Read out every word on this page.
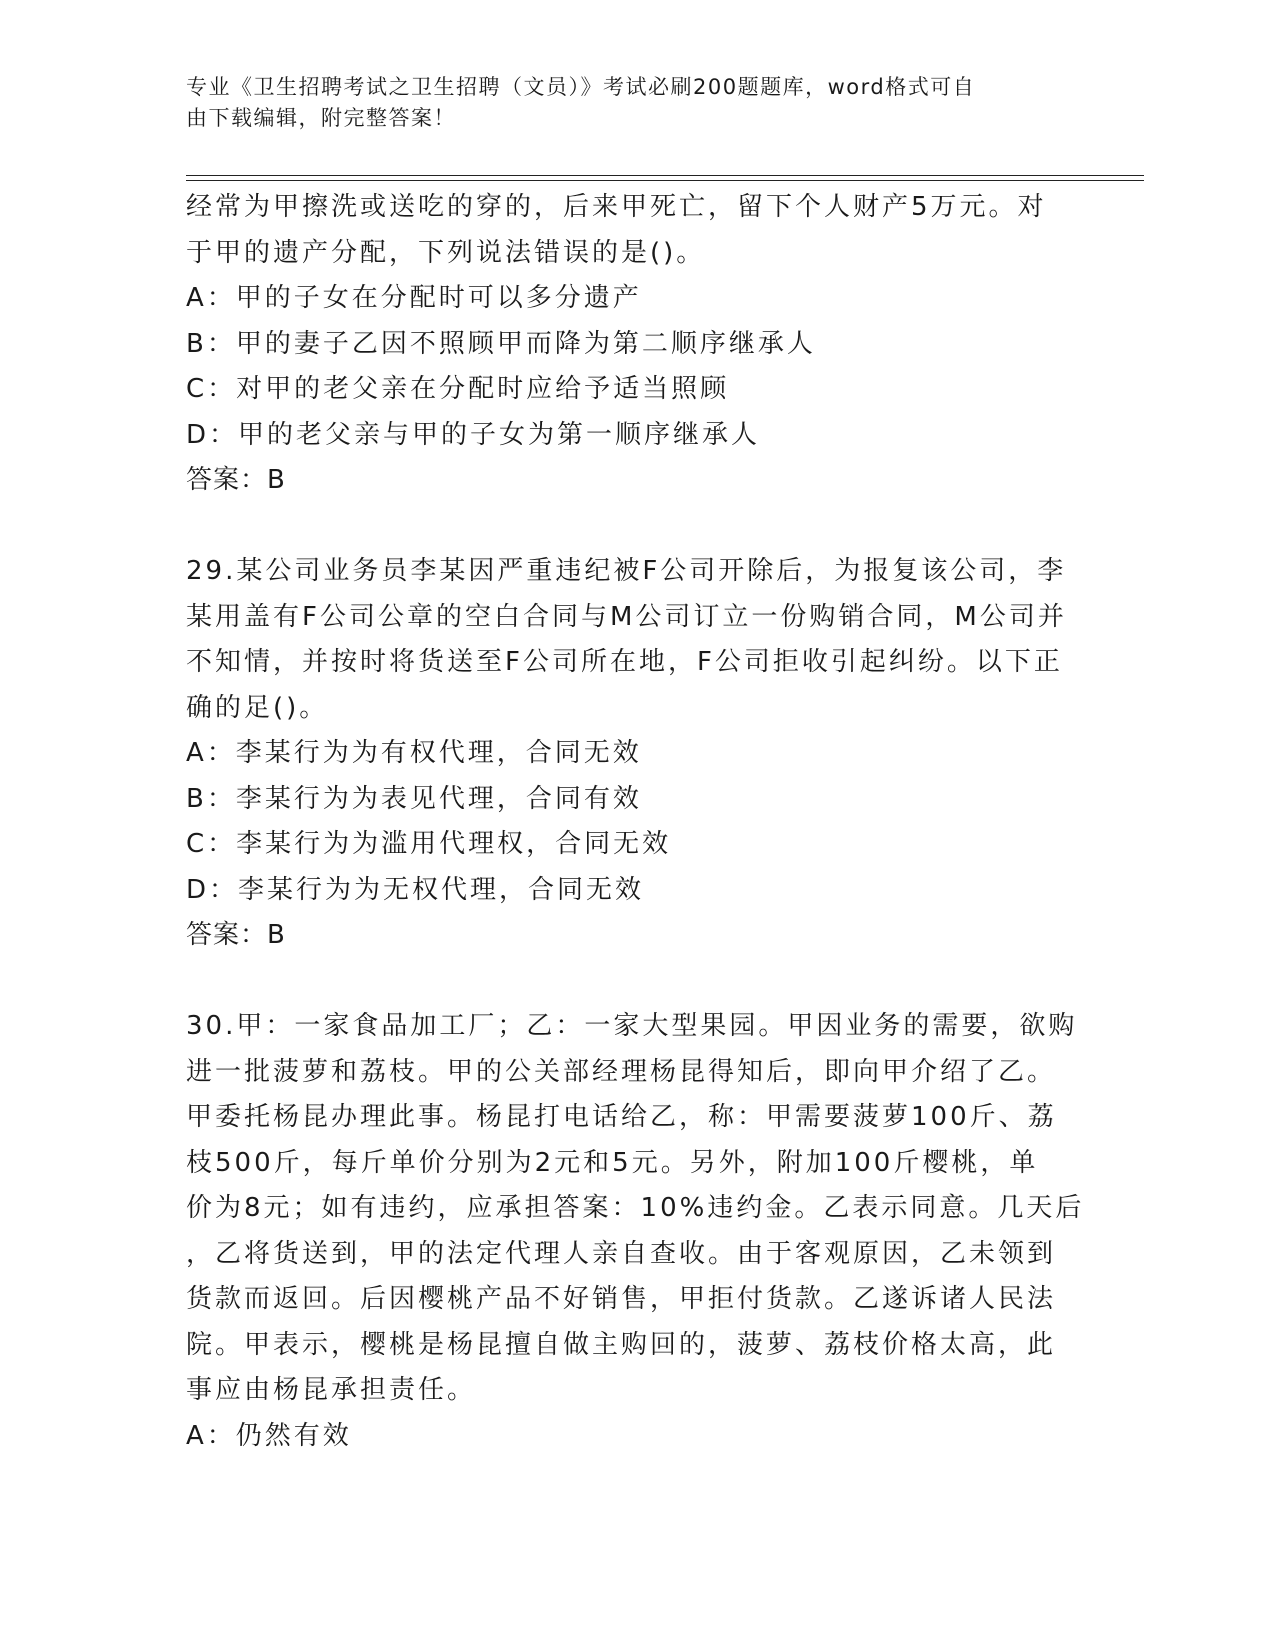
专业《卫生招聘考试之卫生招聘（文员）》考试必刷200题题库，word格式可自
由下载编辑，附完整答案！
经常为甲擦洗或送吃的穿的，后来甲死亡，留下个人财产5万元。对
于甲的遗产分配，下列说法错误的是()。
A：甲的子女在分配时可以多分遗产
B：甲的妻子乙因不照顾甲而降为第二顺序继承人
C：对甲的老父亲在分配时应给予适当照顾
D：甲的老父亲与甲的子女为第一顺序继承人
答案：B
29.某公司业务员李某因严重违纪被F公司开除后，为报复该公司，李
某用盖有F公司公章的空白合同与M公司订立一份购销合同，M公司并
不知情，并按时将货送至F公司所在地，F公司拒收引起纠纷。以下正
确的足()。
A：李某行为为有权代理，合同无效
B：李某行为为表见代理，合同有效
C：李某行为为滥用代理权，合同无效
D：李某行为为无权代理，合同无效
答案：B
30.甲：一家食品加工厂；乙：一家大型果园。甲因业务的需要，欲购
进一批菠萝和荔枝。甲的公关部经理杨昆得知后，即向甲介绍了乙。
甲委托杨昆办理此事。杨昆打电话给乙，称：甲需要菠萝100斤、荔
枝500斤，每斤单价分别为2元和5元。另外，附加100斤樱桃，单
价为8元；如有违约，应承担答案：10%违约金。乙表示同意。几天后
，乙将货送到，甲的法定代理人亲自查收。由于客观原因，乙未领到
货款而返回。后因樱桃产品不好销售，甲拒付货款。乙遂诉诸人民法
院。甲表示，樱桃是杨昆擅自做主购回的，菠萝、荔枝价格太高，此
事应由杨昆承担责任。
A：仍然有效
